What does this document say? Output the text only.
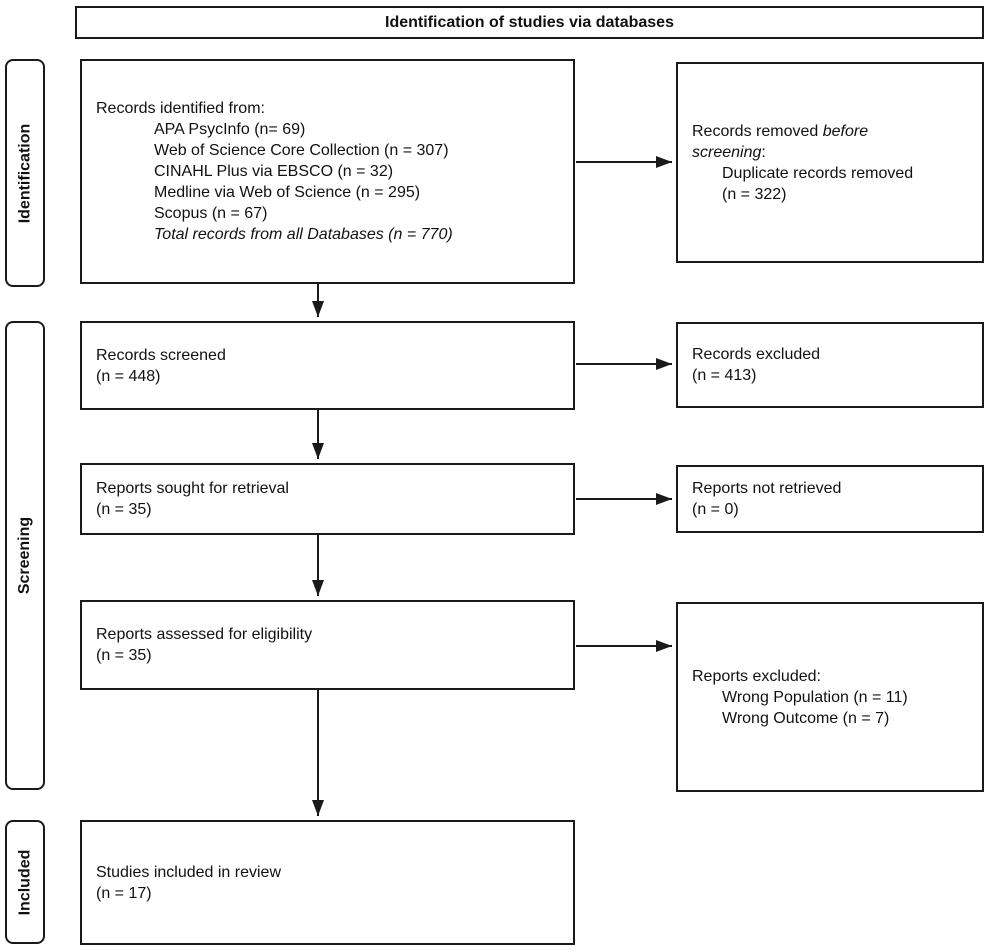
Identification of studies via databases
Identification
Screening
Included
Records identified from:
APA PsycInfo (n= 69)
Web of Science Core Collection (n = 307)
CINAHL Plus via EBSCO (n = 32)
Medline via Web of Science (n = 295)
Scopus (n = 67)
Total records from all Databases (n = 770)
Records removed before screening:
Duplicate records removed (n = 322)
Records screened
(n = 448)
Records excluded
(n = 413)
Reports sought for retrieval
(n = 35)
Reports not retrieved
(n = 0)
Reports assessed for eligibility
(n = 35)
Reports excluded:
Wrong Population (n = 11)
Wrong Outcome (n = 7)
Studies included in review
(n = 17)
